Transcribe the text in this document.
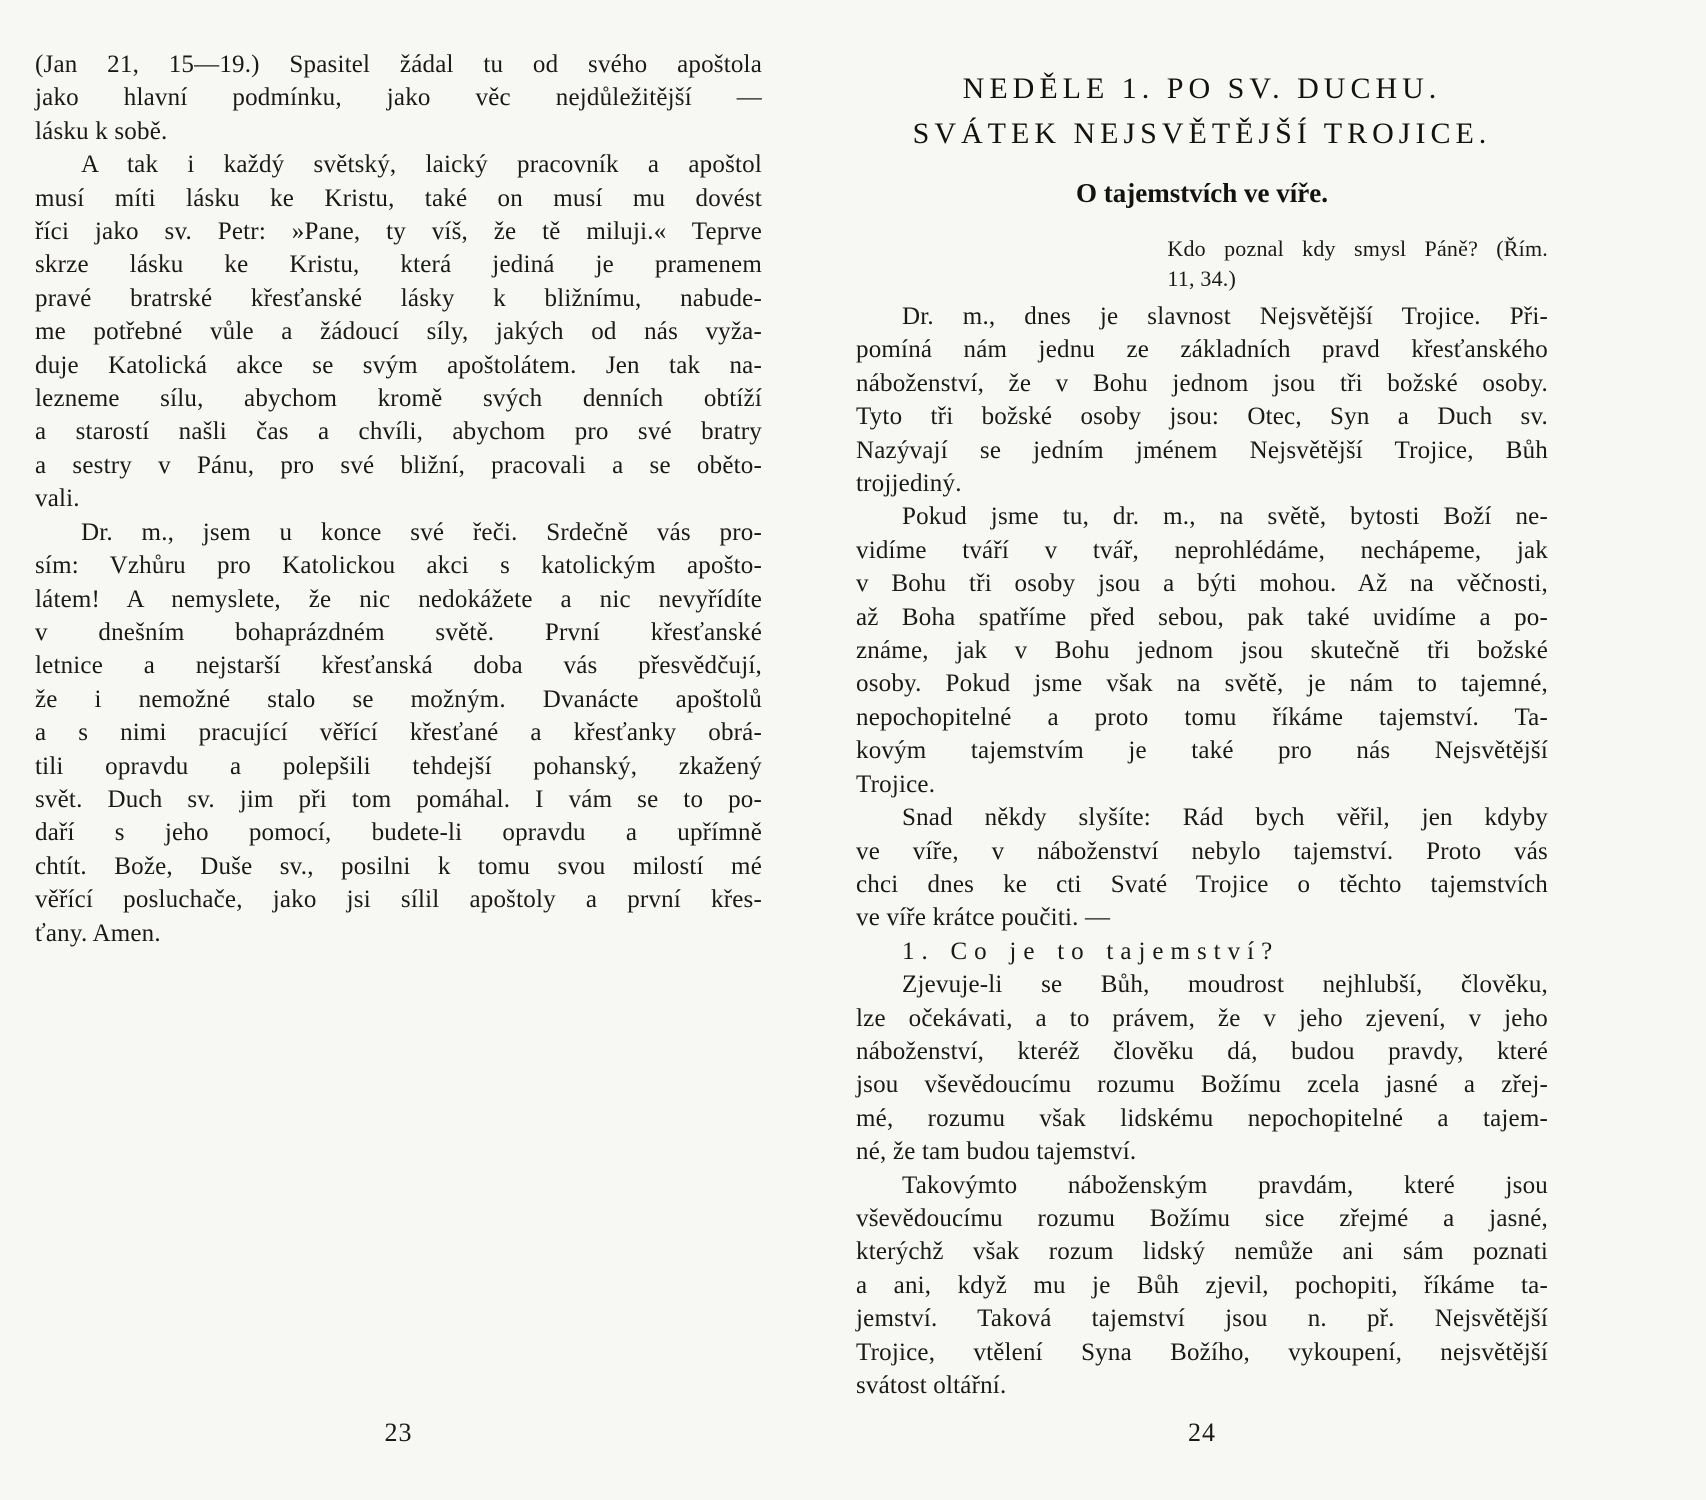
(Jan 21, 15—19.) Spasitel žádal tu od svého apoštola
jako hlavní podmínku, jako věc nejdůležitější —
lásku k sobě.
A tak i každý světský, laický pracovník a apoštol
musí míti lásku ke Kristu, také on musí mu dovést
říci jako sv. Petr: »Pane, ty víš, že tě miluji.« Teprve
skrze lásku ke Kristu, která jediná je pramenem
pravé bratrské křesťanské lásky k bližnímu, nabude-
me potřebné vůle a žádoucí síly, jakých od nás vyža-
duje Katolická akce se svým apoštolátem. Jen tak na-
lezneme sílu, abychom kromě svých denních obtíží
a starostí našli čas a chvíli, abychom pro své bratry
a sestry v Pánu, pro své bližní, pracovali a se oběto-
vali.
Dr. m., jsem u konce své řeči. Srdečně vás pro-
sím: Vzhůru pro Katolickou akci s katolickým apošto-
látem! A nemyslete, že nic nedokážete a nic nevyřídíte
v dnešním bohaprázdném světě. První křesťanské
letnice a nejstarší křesťanská doba vás přesvědčují,
že i nemožné stalo se možným. Dvanácte apoštolů
a s nimi pracující věřící křesťané a křesťanky obrá-
tili opravdu a polepšili tehdejší pohanský, zkažený
svět. Duch sv. jim při tom pomáhal. I vám se to po-
daří s jeho pomocí, budete-li opravdu a upřímně
chtít. Bože, Duše sv., posilni k tomu svou milostí mé
věřící posluchače, jako jsi sílil apoštoly a první křes-
ťany. Amen.
23
NEDĚLE 1. PO SV. DUCHU.
SVÁTEK NEJSVĚTĚJŠÍ TROJICE.
O tajemstvích ve víře.
Kdo poznal kdy smysl Páně? (Řím.
11, 34.)
Dr. m., dnes je slavnost Nejsvětější Trojice. Při-
pomíná nám jednu ze základních pravd křesťanského
náboženství, že v Bohu jednom jsou tři božské osoby.
Tyto tři božské osoby jsou: Otec, Syn a Duch sv.
Nazývají se jedním jménem Nejsvětější Trojice, Bůh
trojjediný.
Pokud jsme tu, dr. m., na světě, bytosti Boží ne-
vidíme tváří v tvář, neprohlédáme, nechápeme, jak
v Bohu tři osoby jsou a býti mohou. Až na věčnosti,
až Boha spatříme před sebou, pak také uvidíme a po-
známe, jak v Bohu jednom jsou skutečně tři božské
osoby. Pokud jsme však na světě, je nám to tajemné,
nepochopitelné a proto tomu říkáme tajemství. Ta-
kovým tajemstvím je také pro nás Nejsvětější
Trojice.
Snad někdy slyšíte: Rád bych věřil, jen kdyby
ve víře, v náboženství nebylo tajemství. Proto vás
chci dnes ke cti Svaté Trojice o těchto tajemstvích
ve víře krátce poučiti. —
1. Co je to tajemství?
Zjevuje-li se Bůh, moudrost nejhlubší, člověku,
lze očekávati, a to právem, že v jeho zjevení, v jeho
náboženství, kteréž člověku dá, budou pravdy, které
jsou vševědoucímu rozumu Božímu zcela jasné a zřej-
mé, rozumu však lidskému nepochopitelné a tajem-
né, že tam budou tajemství.
Takovýmto náboženským pravdám, které jsou
vševědoucímu rozumu Božímu sice zřejmé a jasné,
kterýchž však rozum lidský nemůže ani sám poznati
a ani, když mu je Bůh zjevil, pochopiti, říkáme ta-
jemství. Taková tajemství jsou n. př. Nejsvětější
Trojice, vtělení Syna Božího, vykoupení, nejsvětější
svátost oltářní.
24
